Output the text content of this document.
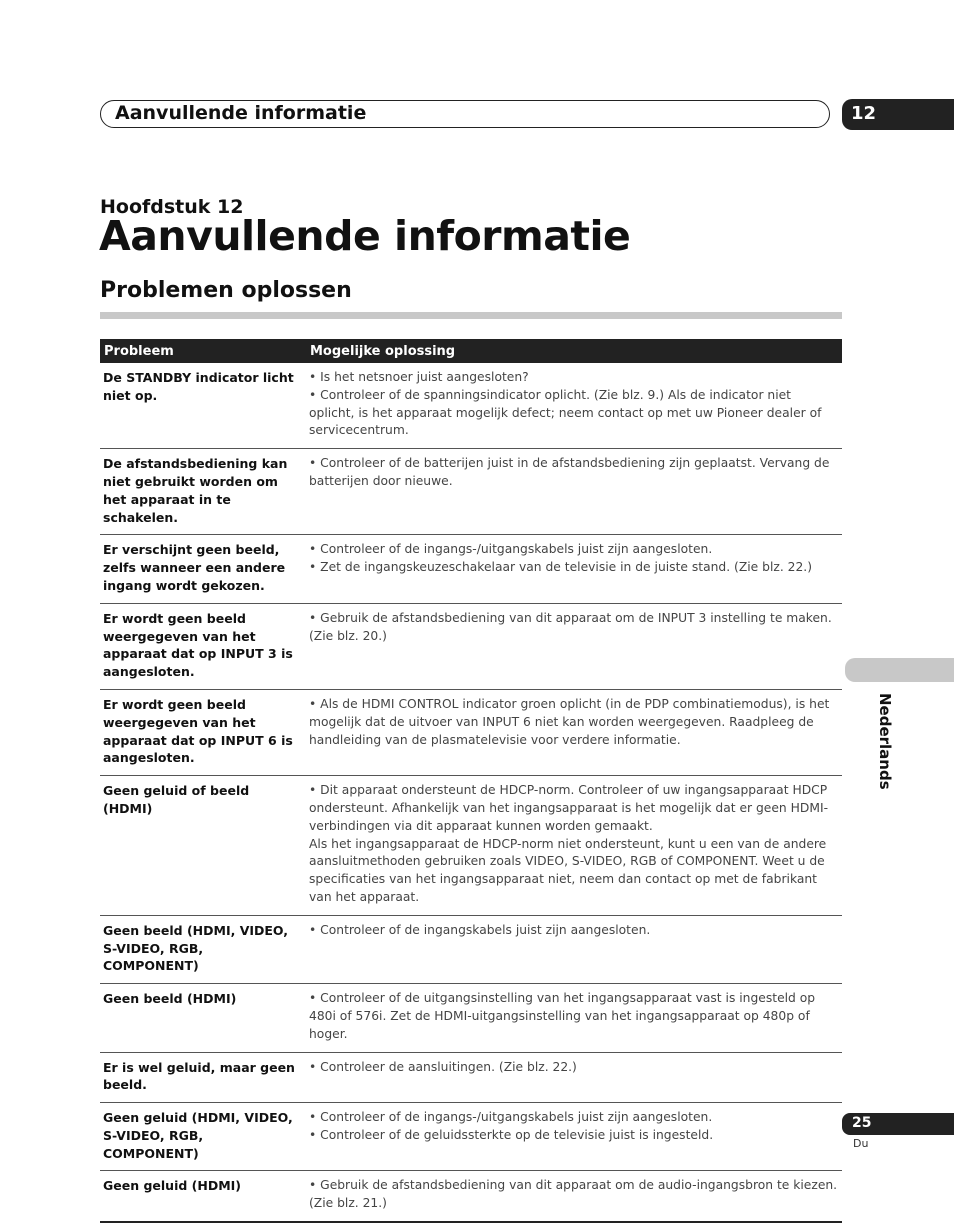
Aanvullende informatie	12
Hoofdstuk 12
Aanvullende informatie
Problemen oplossen
Probleem	Mogelijke oplossing
De STANDBY indicator licht niet op.	• Is het netsnoer juist aangesloten?
• Controleer of de spanningsindicator oplicht. (Zie blz. 9.) Als de indicator niet oplicht, is het apparaat mogelijk defect; neem contact op met uw Pioneer dealer of servicecentrum.

De afstandsbediening kan niet gebruikt worden om het apparaat in te schakelen.	• Controleer of de batterijen juist in de afstandsbediening zijn geplaatst. Vervang de batterijen door nieuwe.

Er verschijnt geen beeld, zelfs wanneer een andere ingang wordt gekozen.	• Controleer of de ingangs-/uitgangskabels juist zijn aangesloten.
• Zet de ingangskeuzeschakelaar van de televisie in de juiste stand. (Zie blz. 22.)

Er wordt geen beeld weergegeven van het apparaat dat op INPUT 3 is aangesloten.	• Gebruik de afstandsbediening van dit apparaat om de INPUT 3 instelling te maken. (Zie blz. 20.)

Er wordt geen beeld weergegeven van het apparaat dat op INPUT 6 is aangesloten.	• Als de HDMI CONTROL indicator groen oplicht (in de PDP combinatiemodus), is het mogelijk dat de uitvoer van INPUT 6 niet kan worden weergegeven. Raadpleeg de handleiding van de plasmatelevisie voor verdere informatie.

Geen geluid of beeld (HDMI)	• Dit apparaat ondersteunt de HDCP-norm. Controleer of uw ingangsapparaat HDCP ondersteunt. Afhankelijk van het ingangsapparaat is het mogelijk dat er geen HDMI-verbindingen via dit apparaat kunnen worden gemaakt.
Als het ingangsapparaat de HDCP-norm niet ondersteunt, kunt u een van de andere aansluitmethoden gebruiken zoals VIDEO, S-VIDEO, RGB of COMPONENT. Weet u de specificaties van het ingangsapparaat niet, neem dan contact op met de fabrikant van het apparaat.

Geen beeld (HDMI, VIDEO, S-VIDEO, RGB, COMPONENT)	• Controleer of de ingangskabels juist zijn aangesloten.

Geen beeld (HDMI)	• Controleer of de uitgangsinstelling van het ingangsapparaat vast is ingesteld op 480i of 576i. Zet de HDMI-uitgangsinstelling van het ingangsapparaat op 480p of hoger.

Er is wel geluid, maar geen beeld.	• Controleer de aansluitingen. (Zie blz. 22.)

Geen geluid (HDMI, VIDEO, S-VIDEO, RGB, COMPONENT)	• Controleer of de ingangs-/uitgangskabels juist zijn aangesloten.
• Controleer of de geluidssterkte op de televisie juist is ingesteld.

Geen geluid (HDMI)	• Gebruik de afstandsbediening van dit apparaat om de audio-ingangsbron te kiezen. (Zie blz. 21.)
Nederlands
25
Du
